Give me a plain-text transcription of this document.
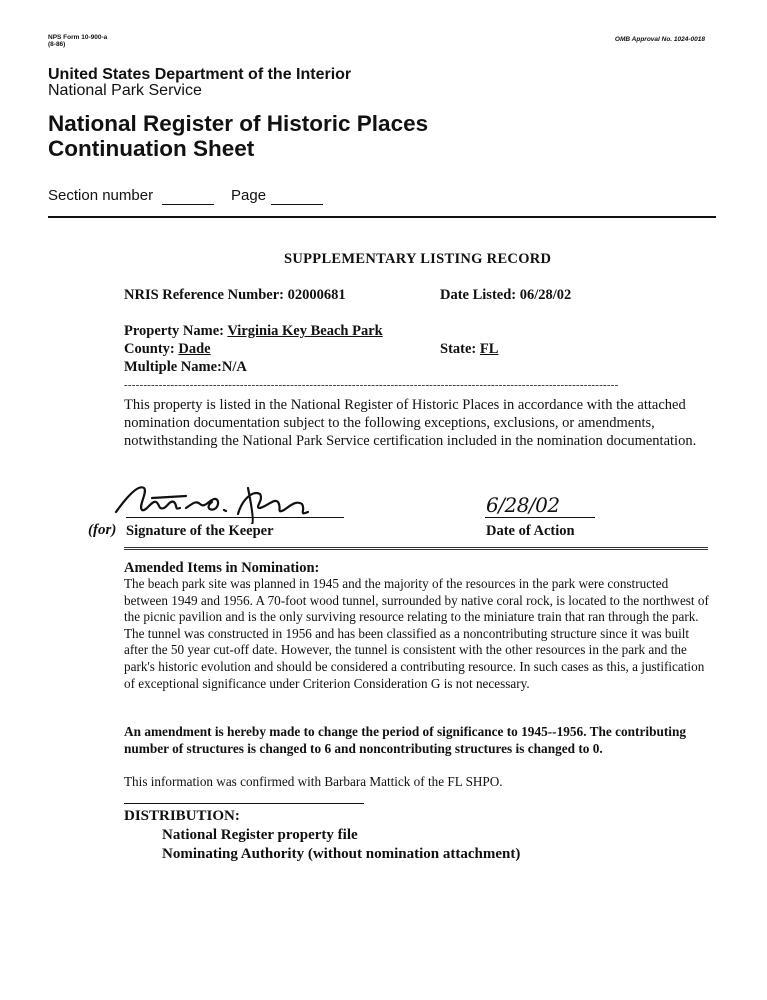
NPS Form 10-900-a
(8-86)
OMB Approval No. 1024-0018
United States Department of the Interior
National Park Service
National Register of Historic Places
Continuation Sheet
Section number	Page
SUPPLEMENTARY LISTING RECORD
NRIS Reference Number: 02000681	Date Listed: 06/28/02
Property Name: Virginia Key Beach Park
County: Dade	State: FL
Multiple Name:N/A
--------------------------------------------------------------------------------------------------------------------------------
This property is listed in the National Register of Historic Places in accordance with the attached nomination documentation subject to the following exceptions, exclusions, or amendments, notwithstanding the National Park Service certification included in the nomination documentation.
(for) Signature of the Keeper
6/28/02
Date of Action
Amended Items in Nomination:
The beach park site was planned in 1945 and the majority of the resources in the park were constructed between 1949 and 1956. A 70-foot wood tunnel, surrounded by native coral rock, is located to the northwest of the picnic pavilion and is the only surviving resource relating to the miniature train that ran through the park. The tunnel was constructed in 1956 and has been classified as a noncontributing structure since it was built after the 50 year cut-off date. However, the tunnel is consistent with the other resources in the park and the park's historic evolution and should be considered a contributing resource. In such cases as this, a justification of exceptional significance under Criterion Consideration G is not necessary.
An amendment is hereby made to change the period of significance to 1945--1956. The contributing number of structures is changed to 6 and noncontributing structures is changed to 0.
This information was confirmed with Barbara Mattick of the FL SHPO.
DISTRIBUTION:
National Register property file
Nominating Authority (without nomination attachment)
